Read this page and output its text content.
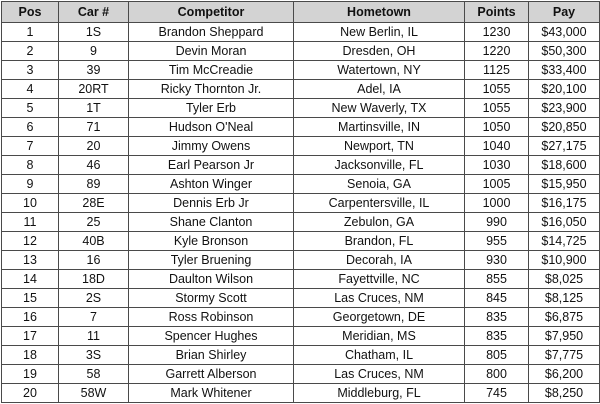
Pos	Car #	Competitor	Hometown	Points	Pay
1	1S	Brandon Sheppard	New Berlin, IL	1230	$43,000
2	9	Devin Moran	Dresden, OH	1220	$50,300
3	39	Tim McCreadie	Watertown, NY	1125	$33,400
4	20RT	Ricky Thornton Jr.	Adel, IA	1055	$20,100
5	1T	Tyler Erb	New Waverly, TX	1055	$23,900
6	71	Hudson O'Neal	Martinsville, IN	1050	$20,850
7	20	Jimmy Owens	Newport, TN	1040	$27,175
8	46	Earl Pearson Jr	Jacksonville, FL	1030	$18,600
9	89	Ashton Winger	Senoia, GA	1005	$15,950
10	28E	Dennis Erb Jr	Carpentersville, IL	1000	$16,175
11	25	Shane Clanton	Zebulon, GA	990	$16,050
12	40B	Kyle Bronson	Brandon, FL	955	$14,725
13	16	Tyler Bruening	Decorah, IA	930	$10,900
14	18D	Daulton Wilson	Fayettville, NC	855	$8,025
15	2S	Stormy Scott	Las Cruces, NM	845	$8,125
16	7	Ross Robinson	Georgetown, DE	835	$6,875
17	11	Spencer Hughes	Meridian, MS	835	$7,950
18	3S	Brian Shirley	Chatham, IL	805	$7,775
19	58	Garrett Alberson	Las Cruces, NM	800	$6,200
20	58W	Mark Whitener	Middleburg, FL	745	$8,250
